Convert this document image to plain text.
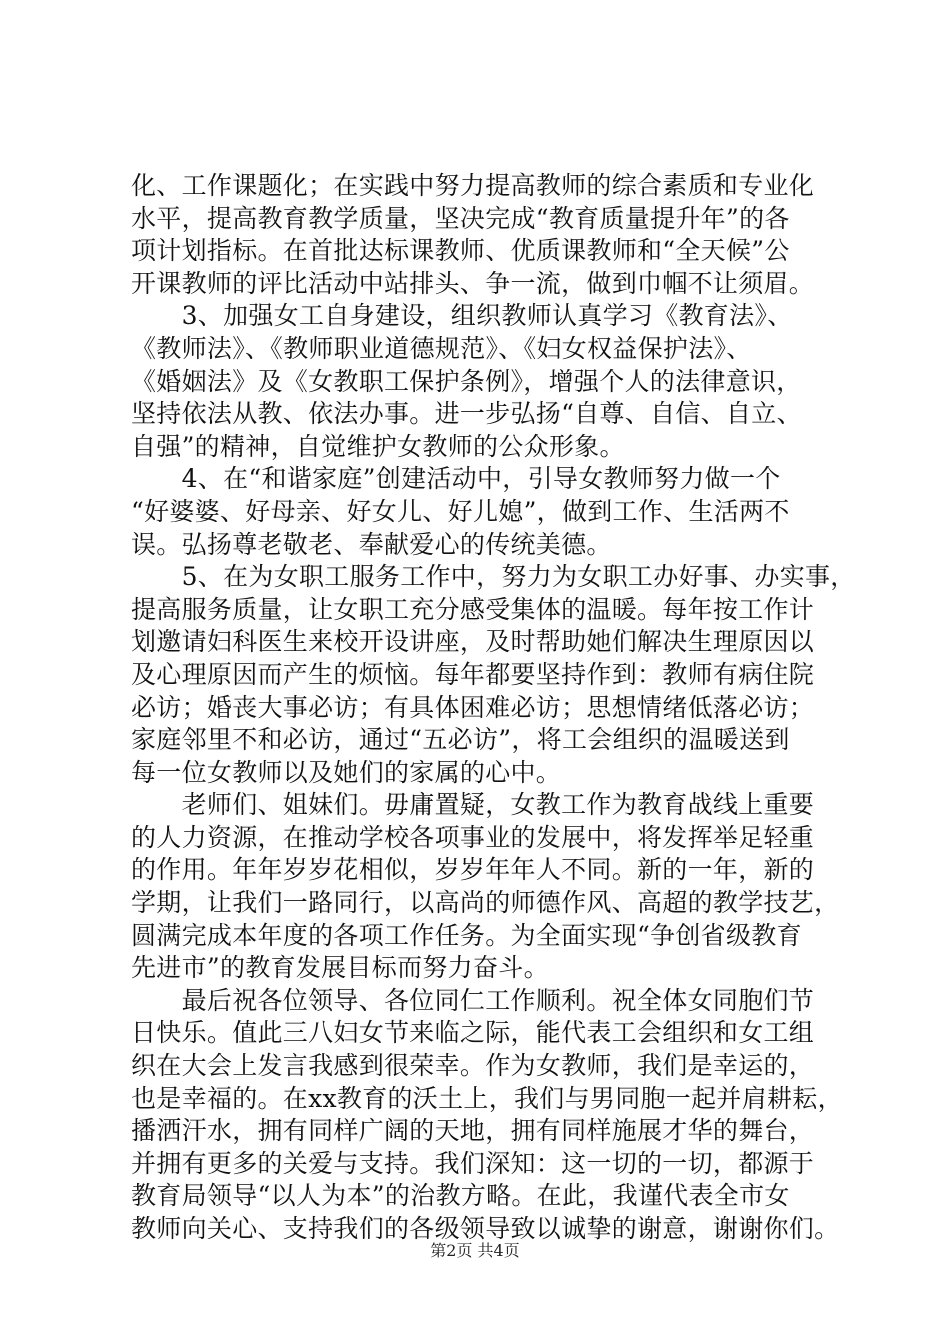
化、工作课题化；在实践中努力提高教师的综合素质和专业化
水平，提高教育教学质量，坚决完成“教育质量提升年”的各
项计划指标。在首批达标课教师、优质课教师和“全天候”公
开课教师的评比活动中站排头、争一流，做到巾帼不让须眉。
　　3、加强女工自身建设，组织教师认真学习《教育法》、
《教师法》、《教师职业道德规范》、《妇女权益保护法》、
《婚姻法》及《女教职工保护条例》，增强个人的法律意识，
坚持依法从教、依法办事。进一步弘扬“自尊、自信、自立、
自强”的精神，自觉维护女教师的公众形象。
　　4、在“和谐家庭”创建活动中，引导女教师努力做一个
“好婆婆、好母亲、好女儿、好儿媳”，做到工作、生活两不
误。弘扬尊老敬老、奉献爱心的传统美德。
　　5、在为女职工服务工作中，努力为女职工办好事、办实事，
提高服务质量，让女职工充分感受集体的温暖。每年按工作计
划邀请妇科医生来校开设讲座，及时帮助她们解决生理原因以
及心理原因而产生的烦恼。每年都要坚持作到：教师有病住院
必访；婚丧大事必访；有具体困难必访；思想情绪低落必访；
家庭邻里不和必访，通过“五必访”，将工会组织的温暖送到
每一位女教师以及她们的家属的心中。
　　老师们、姐妹们。毋庸置疑，女教工作为教育战线上重要
的人力资源，在推动学校各项事业的发展中，将发挥举足轻重
的作用。年年岁岁花相似，岁岁年年人不同。新的一年，新的
学期，让我们一路同行，以高尚的师德作风、高超的教学技艺，
圆满完成本年度的各项工作任务。为全面实现“争创省级教育
先进市”的教育发展目标而努力奋斗。
　　最后祝各位领导、各位同仁工作顺利。祝全体女同胞们节
日快乐。值此三八妇女节来临之际，能代表工会组织和女工组
织在大会上发言我感到很荣幸。作为女教师，我们是幸运的，
也是幸福的。在xx教育的沃土上，我们与男同胞一起并肩耕耘，
播洒汗水，拥有同样广阔的天地，拥有同样施展才华的舞台，
并拥有更多的关爱与支持。我们深知：这一切的一切，都源于
教育局领导“以人为本”的治教方略。在此，我谨代表全市女
教师向关心、支持我们的各级领导致以诚挚的谢意，谢谢你们。
第2页 共4页
